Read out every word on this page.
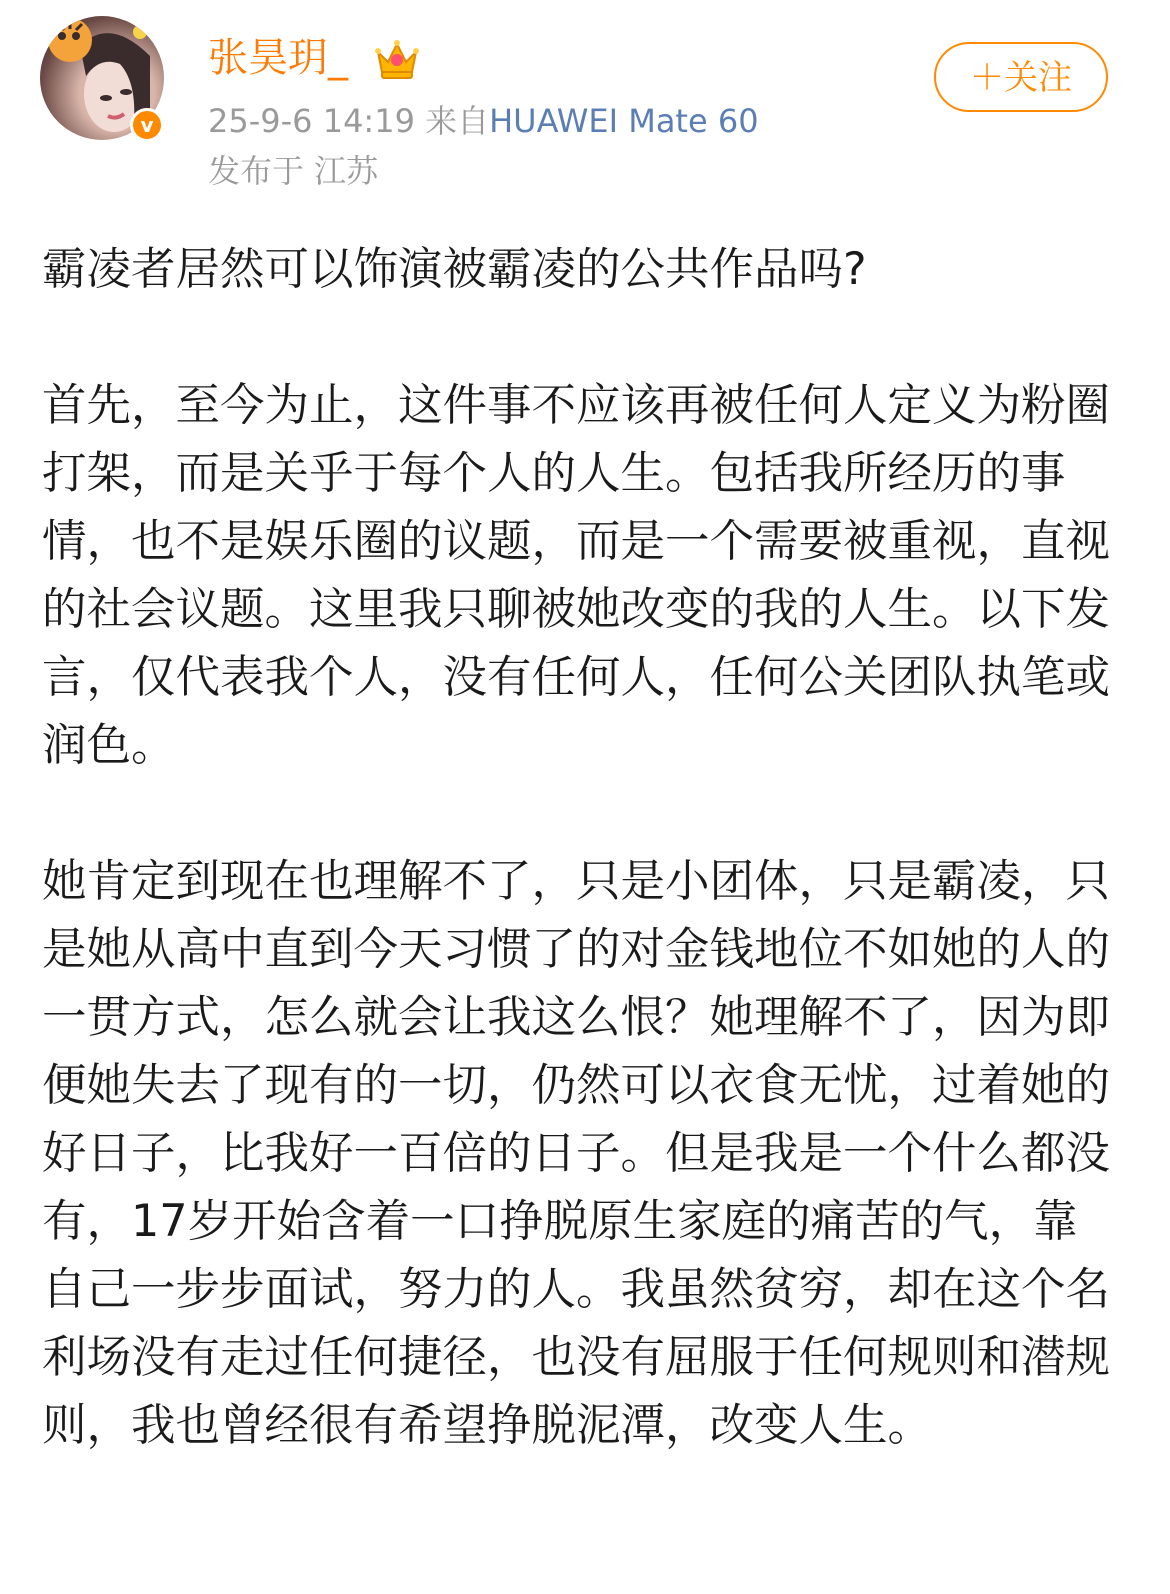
v
张昊玥_
25-9-6 14:19 来自HUAWEI Mate 60
发布于 江苏
＋关注

霸凌者居然可以饰演被霸凌的公共作品吗?

首先，至今为止，这件事不应该再被任何人定义为粉圈打架，而是关乎于每个人的人生。包括我所经历的事情，也不是娱乐圈的议题，而是一个需要被重视，直视的社会议题。这里我只聊被她改变的我的人生。以下发言，仅代表我个人，没有任何人，任何公关团队执笔或润色。

她肯定到现在也理解不了，只是小团体，只是霸凌，只是她从高中直到今天习惯了的对金钱地位不如她的人的一贯方式，怎么就会让我这么恨？她理解不了，因为即便她失去了现有的一切，仍然可以衣食无忧，过着她的好日子，比我好一百倍的日子。但是我是一个什么都没有，17岁开始含着一口挣脱原生家庭的痛苦的气，靠自己一步步面试，努力的人。我虽然贫穷，却在这个名利场没有走过任何捷径，也没有屈服于任何规则和潜规则，我也曾经很有希望挣脱泥潭，改变人生。
